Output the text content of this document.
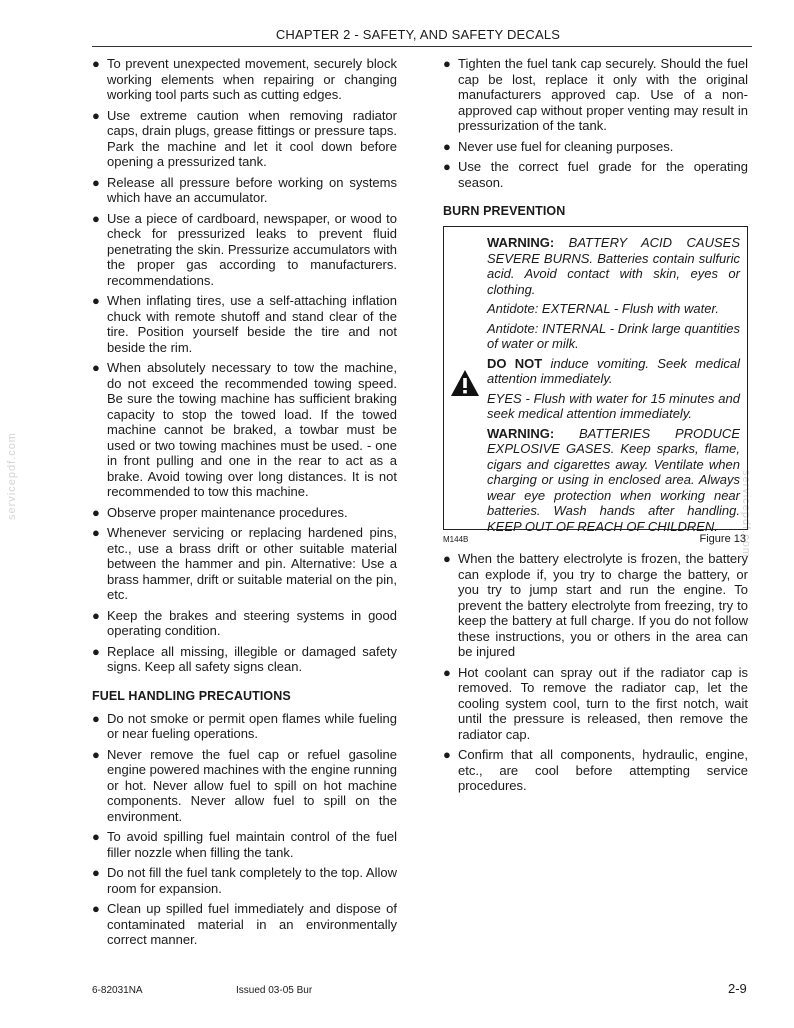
CHAPTER 2 - SAFETY, AND SAFETY DECALS
servicepdf.com	servicepdf.com
● To prevent unexpected movement, securely block working elements when repairing or changing working tool parts such as cutting edges.
● Use extreme caution when removing radiator caps, drain plugs, grease fittings or pressure taps. Park the machine and let it cool down before opening a pressurized tank.
● Release all pressure before working on systems which have an accumulator.
● Use a piece of cardboard, newspaper, or wood to check for pressurized leaks to prevent fluid penetrating the skin. Pressurize accumulators with the proper gas according to manufacturers. recommendations.
● When inflating tires, use a self-attaching inflation chuck with remote shutoff and stand clear of the tire. Position yourself beside the tire and not beside the rim.
● When absolutely necessary to tow the machine, do not exceed the recommended towing speed. Be sure the towing machine has sufficient braking capacity to stop the towed load. If the towed machine cannot be braked, a towbar must be used or two towing machines must be used. - one in front pulling and one in the rear to act as a brake. Avoid towing over long distances. It is not recommended to tow this machine.
● Observe proper maintenance procedures.
● Whenever servicing or replacing hardened pins, etc., use a brass drift or other suitable material between the hammer and pin. Alternative: Use a brass hammer, drift or suitable material on the pin, etc.
● Keep the brakes and steering systems in good operating condition.
● Replace all missing, illegible or damaged safety signs. Keep all safety signs clean.
FUEL HANDLING PRECAUTIONS
● Do not smoke or permit open flames while fueling or near fueling operations.
● Never remove the fuel cap or refuel gasoline engine powered machines with the engine running or hot. Never allow fuel to spill on hot machine components. Never allow fuel to spill on the environment.
● To avoid spilling fuel maintain control of the fuel filler nozzle when filling the tank.
● Do not fill the fuel tank completely to the top. Allow room for expansion.
● Clean up spilled fuel immediately and dispose of contaminated material in an environmentally correct manner.
● Tighten the fuel tank cap securely. Should the fuel cap be lost, replace it only with the original manufacturers approved cap. Use of a non-approved cap without proper venting may result in pressurization of the tank.
● Never use fuel for cleaning purposes.
● Use the correct fuel grade for the operating season.
BURN PREVENTION

WARNING: BATTERY ACID CAUSES SEVERE BURNS. Batteries contain sulfuric acid. Avoid contact with skin, eyes or clothing.

Antidote: EXTERNAL - Flush with water.

Antidote: INTERNAL - Drink large quantities of water or milk.

DO NOT induce vomiting. Seek medical attention immediately.

EYES - Flush with water for 15 minutes and seek medical attention immediately.

WARNING: BATTERIES PRODUCE EXPLOSIVE GASES. Keep sparks, flame, cigars and cigarettes away. Ventilate when charging or using in enclosed area. Always wear eye protection when working near batteries. Wash hands after handling. KEEP OUT OF REACH OF CHILDREN.

M144B	Figure 13
● When the battery electrolyte is frozen, the battery can explode if, you try to charge the battery, or you try to jump start and run the engine. To prevent the battery electrolyte from freezing, try to keep the battery at full charge. If you do not follow these instructions, you or others in the area can be injured
● Hot coolant can spray out if the radiator cap is removed. To remove the radiator cap, let the cooling system cool, turn to the first notch, wait until the pressure is released, then remove the radiator cap.
● Confirm that all components, hydraulic, engine, etc., are cool before attempting service procedures.
6-82031NA	Issued 03-05 Bur	2-9
